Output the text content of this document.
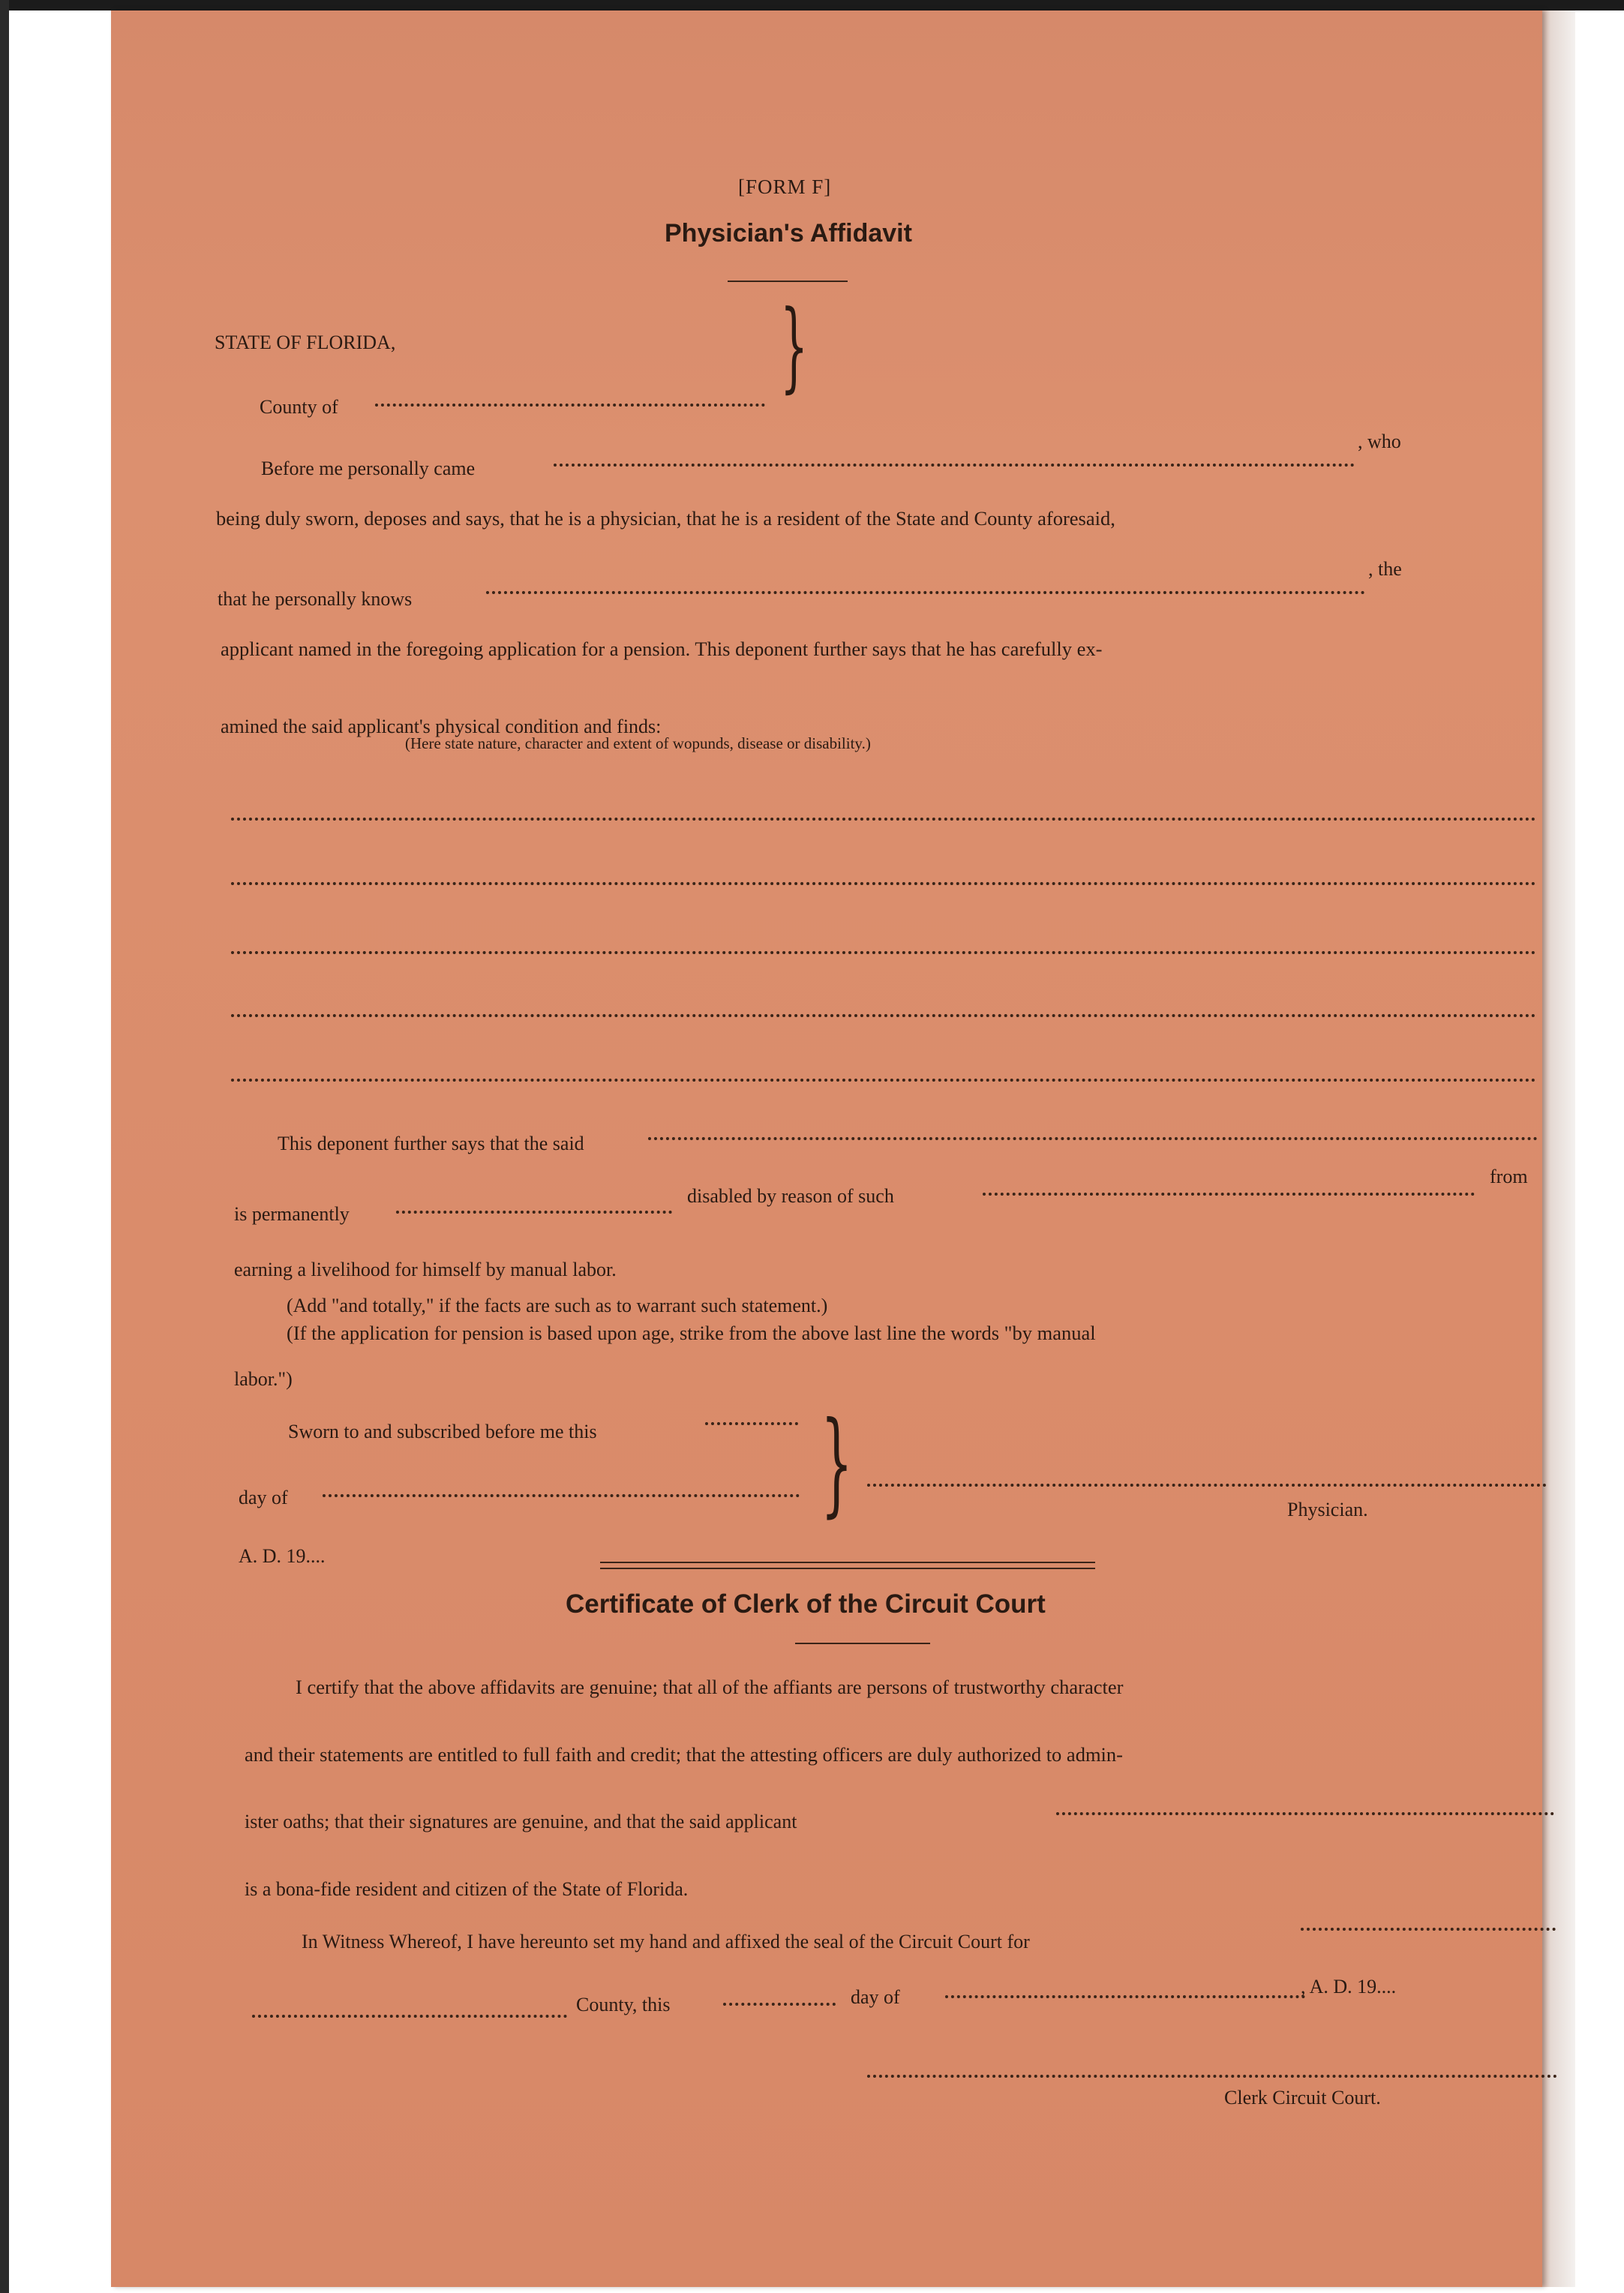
[FORM F]
Physician's Affidavit
STATE OF FLORIDA,
County of
}
Before me personally came
, who
being duly sworn, deposes and says, that he is a physician, that he is a resident of the State and County aforesaid,
that he personally knows
, the
applicant named in the foregoing application for a pension. This deponent further says that he has carefully ex-
amined the said applicant's physical condition and finds:
(Here state nature, character and extent of wopunds, disease or disability.)
This deponent further says that the said
is permanently
disabled by reason of such
from
earning a livelihood for himself by manual labor.
(Add "and totally," if the facts are such as to warrant such statement.)
(If the application for pension is based upon age, strike from the above last line the words "by manual
labor.")
Sworn to and subscribed before me this
day of
A. D. 19....
}	Physician.
Certificate of Clerk of the Circuit Court
I certify that the above affidavits are genuine; that all of the affiants are persons of trustworthy character
and their statements are entitled to full faith and credit; that the attesting officers are duly authorized to admin-
ister oaths; that their signatures are genuine, and that the said applicant
is a bona-fide resident and citizen of the State of Florida.
In Witness Whereof, I have hereunto set my hand and affixed the seal of the Circuit Court for
County, this	day of	, A. D. 19....
Clerk Circuit Court.
